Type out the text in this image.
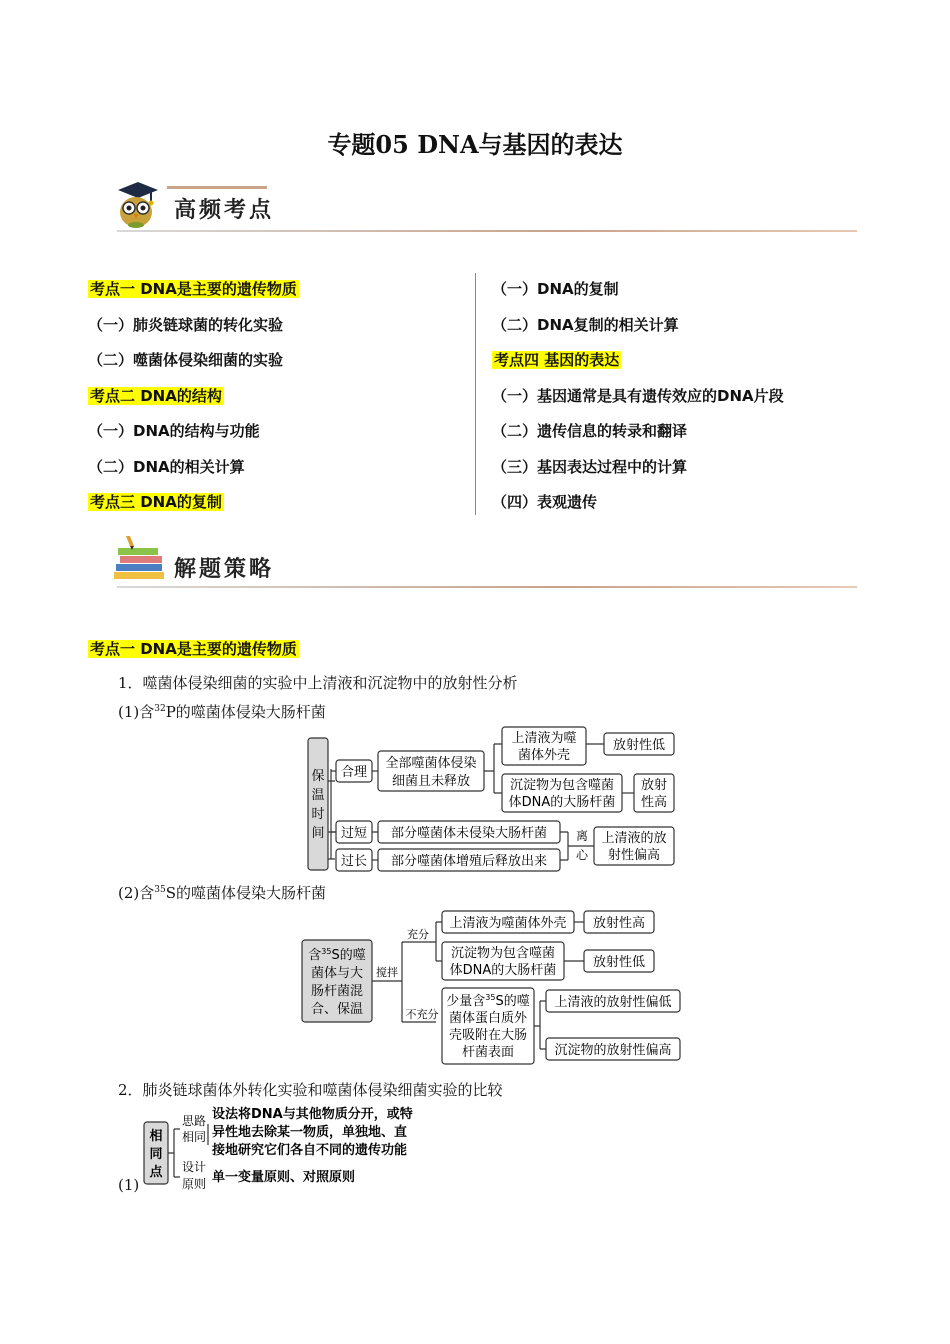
专题05 DNA与基因的表达
高频考点
考点一 DNA是主要的遗传物质
（一）肺炎链球菌的转化实验
（二）噬菌体侵染细菌的实验
考点二 DNA的结构
（一）DNA的结构与功能
（二）DNA的相关计算
考点三 DNA的复制
（一）DNA的复制
（二）DNA复制的相关计算
考点四 基因的表达
（一）基因通常是具有遗传效应的DNA片段
（二）遗传信息的转录和翻译
（三）基因表达过程中的计算
（四）表观遗传
解题策略
考点一 DNA是主要的遗传物质
1．噬菌体侵染细菌的实验中上清液和沉淀物中的放射性分析
(1)含$^{32}$P的噬菌体侵染大肠杆菌
保
温
时
间
合理
全部噬菌体侵染
细菌且未释放
上清液为噬
菌体外壳
放射性低
沉淀物为包含噬菌
体DNA的大肠杆菌
放射
性高
过短 部分噬菌体未侵染大肠杆菌
过长 部分噬菌体增殖后释放出来
离
心
上清液的放
射性偏高
(2)含$^{35}$S的噬菌体侵染大肠杆菌
含$^{35}$S的噬
菌体与大
肠杆菌混
合、保温
搅拌
充分
不充分
上清液为噬菌体外壳 放射性高
沉淀物为包含噬菌
体DNA的大肠杆菌
放射性低
少量含$^{35}$S的噬
菌体蛋白质外
壳吸附在大肠
杆菌表面
上清液的放射性偏低
沉淀物的放射性偏高
2．肺炎链球菌体外转化实验和噬菌体侵染细菌实验的比较
(1)
相
同
点
思路
相同
设法将DNA与其他物质分开，或特
异性地去除某一物质，单独地、直
接地研究它们各自不同的遗传功能
设计
原则 单一变量原则、对照原则
